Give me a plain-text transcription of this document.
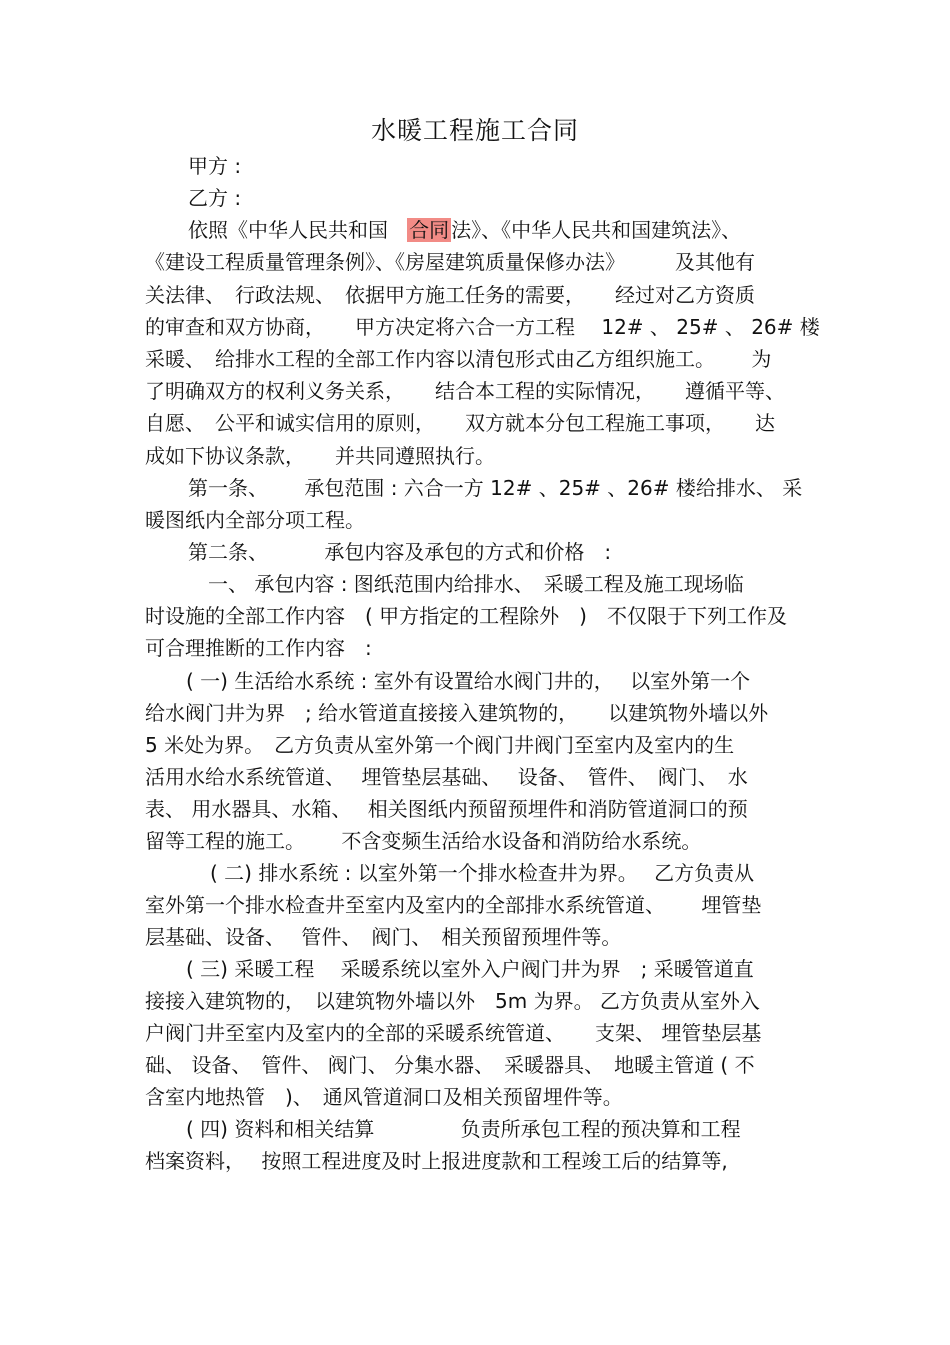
水暖工程施工合同
甲方 :
乙方 :
依照《中华人民共和国 合同 法》、《中华人民共和国建筑法》、
《建设工程质量管理条例》、《房屋建筑质量保修办法》　　　及其他有
关法律、　行政法规、　依据甲方施工任务的需要，　　经过对乙方资质
的审查和双方协商，　　甲方决定将六合一方工程　 12# 、 25# 、 26# 楼
采暖、　给排水工程的全部工作内容以清包形式由乙方组织施工。　　 为
了明确双方的权利义务关系，　　结合本工程的实际情况，　　遵循平等、
自愿、　公平和诚实信用的原则，　　双方就本分包工程施工事项，　　达
成如下协议条款，　　并共同遵照执行。
第一条、　　 承包范围 : 六合一方 12# 、25# 、26# 楼给排水、 采
暖图纸内全部分项工程。
第二条、　　　 承包内容及承包的方式和价格　:
一、 承包内容 : 图纸范围内给排水、　采暖工程及施工现场临
时设施的全部工作内容　( 甲方指定的工程除外　)　不仅限于下列工作及
可合理推断的工作内容　:
( 一) 生活给水系统 : 室外有设置给水阀门井的，　 以室外第一个
给水阀门井为界　; 给水管道直接接入建筑物的，　　以建筑物外墙以外
5 米处为界。　乙方负责从室外第一个阀门井阀门至室内及室内的生
活用水给水系统管道、　 埋管垫层基础、　 设备、　管件、　阀门、　水
表、 用水器具、水箱、　 相关图纸内预留预埋件和消防管道洞口的预
留等工程的施工。　　 不含变频生活给水设备和消防给水系统。
( 二) 排水系统 : 以室外第一个排水检查井为界。　 乙方负责从
室外第一个排水检查井至室内及室内的全部排水系统管道、　　 埋管垫
层基础、设备、　 管件、　阀门、　相关预留预埋件等。
( 三) 采暖工程　 采暖系统以室外入户阀门井为界　; 采暖管道直
接接入建筑物的，　以建筑物外墙以外　5m 为界。 乙方负责从室外入
户阀门井至室内及室内的全部的采暖系统管道、　　支架、 埋管垫层基
础、 设备、　管件、 阀门、 分集水器、　采暖器具、　地暖主管道 ( 不
含室内地热管　)、　通风管道洞口及相关预留埋件等。
( 四) 资料和相关结算　　　　 负责所承包工程的预决算和工程
档案资料，　 按照工程进度及时上报进度款和工程竣工后的结算等,
